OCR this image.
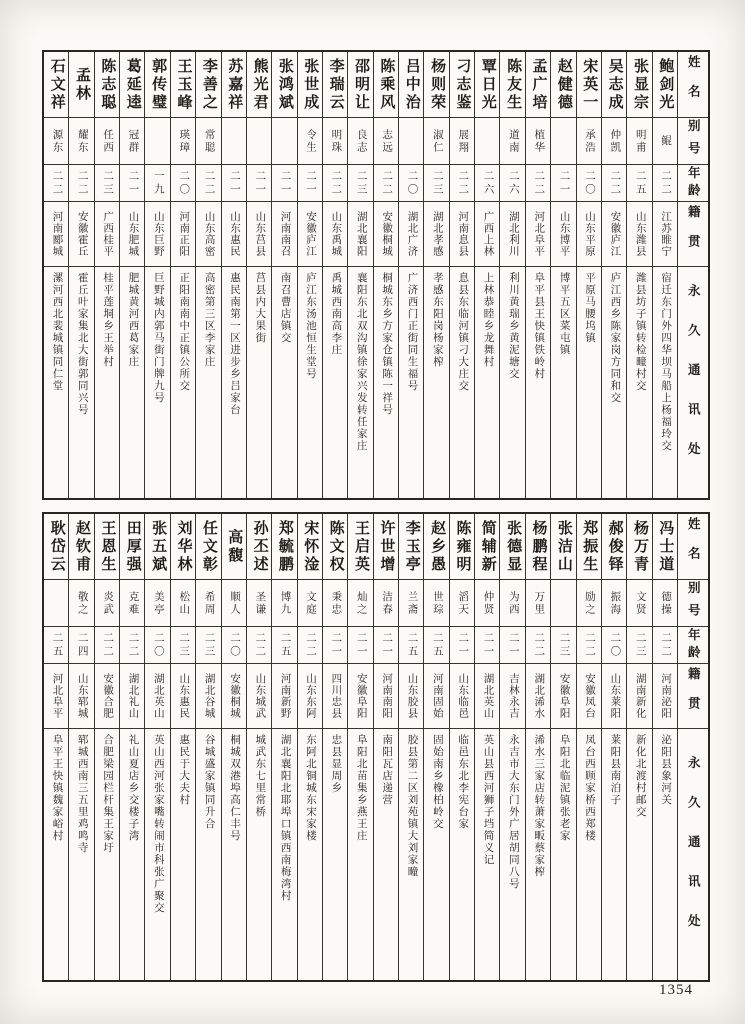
姓名
别号
年龄
籍贯
永久通讯处
鲍剑光
鲲
二二
江苏睢宁
宿迁东门外四华坝马船上杨福玲交
张显宗
明甫
二五
山东潍县
潍县坊子镇转检疃村交
吴志成
仲凯
二二
安徽庐江
庐江西乡陈家岗方同和交
宋英一
承浩
二〇
山东平原
平原马腰坞镇
赵健德
二一
山东博平
博平五区菜屯镇
孟广培
植华
二二
河北阜平
阜平县王快镇铁岭村
陈友生
道南
二六
湖北利川
利川黄瑞乡黄泥塘交
覃日光
二六
广西上林
上林恭睦乡龙舞村
刁志鉴
展翔
二二
河南息县
息县东临河镇刁大庄交
杨则荣
淑仁
二三
湖北孝感
孝感东阳岗杨家榨
吕中治
二〇
湖北广济
广济西门正街同生福号
陈乘风
志远
二二
安徽桐城
桐城东乡方家仓镇陈一祥号
邵明让
良志
二三
湖北襄阳
襄阳东北双沟镇徐家兴发转任家庄
李瑞云
明珠
二二
山东禹城
禹城西南高李庄
张世成
令生
二一
安徽庐江
庐江东汤池恒生堂号
张鸿斌
二一
河南南召
南召曹店镇交
熊光君
二一
山东莒县
莒县内大果街
苏嘉祥
二一
山东惠民
惠民南第一区进步乡吕家台
李善之
常聪
二二
山东高密
高密第三区李家庄
王玉峰
瑛璋
二〇
河南正阳
正阳南南中正镇公所交
郭传璧
一九
山东巨野
巨野城内郭马街门牌九号
葛延逵
冠群
二一
山东肥城
肥城黄河西葛家庄
陈志聪
任西
二三
广西桂平
桂平莲垌乡王举村
孟林
耀东
二二
安徽霍丘
霍丘叶家集北大街郭同兴号
石文祥
源东
二二
河南郾城
漯河西北裴城镇同仁堂
姓名
别号
年龄
籍贯
永久通讯处
冯士道
德操
二二
河南泌阳
泌阳县象河关
杨万青
文贤
二三
湖南新化
新化北渡村邮交
郝俊铎
振海
二〇
山东莱阳
莱阳县南泊子
郑振生
励之
二二
安徽凤台
凤台西顾家桥西郑楼
张洁山
二三
安徽阜阳
阜阳北临泥镇张老家
杨鹏程
万里
二二
湖北浠水
浠水三家店转萧家畈蔡家榨
张德显
为西
二一
吉林永吉
永吉市大东门外广居胡同八号
简辅新
仲贤
二一
湖北英山
英山县西河狮子垱简义记
陈雍明
滔天
二一
山东临邑
临邑东北李宪台家
赵乡愚
世琮
二五
河南固始
固始南乡橡柏岭交
李玉亭
兰斋
二五
山东胶县
胶县第二区刘苑镇大刘家疃
许世增
洁春
二一
河南南阳
南阳瓦店递营
王启英
灿之
二一
安徽阜阳
阜阳北苗集乡燕王庄
陈文权
秉忠
二一
四川忠县
忠县显周乡
宋怀淦
文庭
二二
山东东阿
东阿北铜城东宋家楼
郑毓鹏
博九
二五
河南新野
湖北襄阳北耶埠口镇西南梅湾村
孙丕述
圣谦
二二
山东城武
城武东七里常桥
高馥
顺人
二〇
安徽桐城
桐城双港埠高仁丰号
任文彰
希周
二三
湖北谷城
谷城盛家镇同升合
刘华林
松山
二三
山东惠民
惠民于大夫村
张五斌
美亭
二〇
湖北英山
英山西河张家嘴转闹市科张广聚交
田厚强
克难
二二
湖北礼山
礼山夏店乡交楼子湾
王恩生
炎武
二二
安徽合肥
合肥梁园栏杆集王家圩
赵钦甫
敬之
二四
山东郓城
郓城西南三五里鸡鸣寺
耿岱云
二五
河北阜平
阜平王快镇魏家峪村
1354
